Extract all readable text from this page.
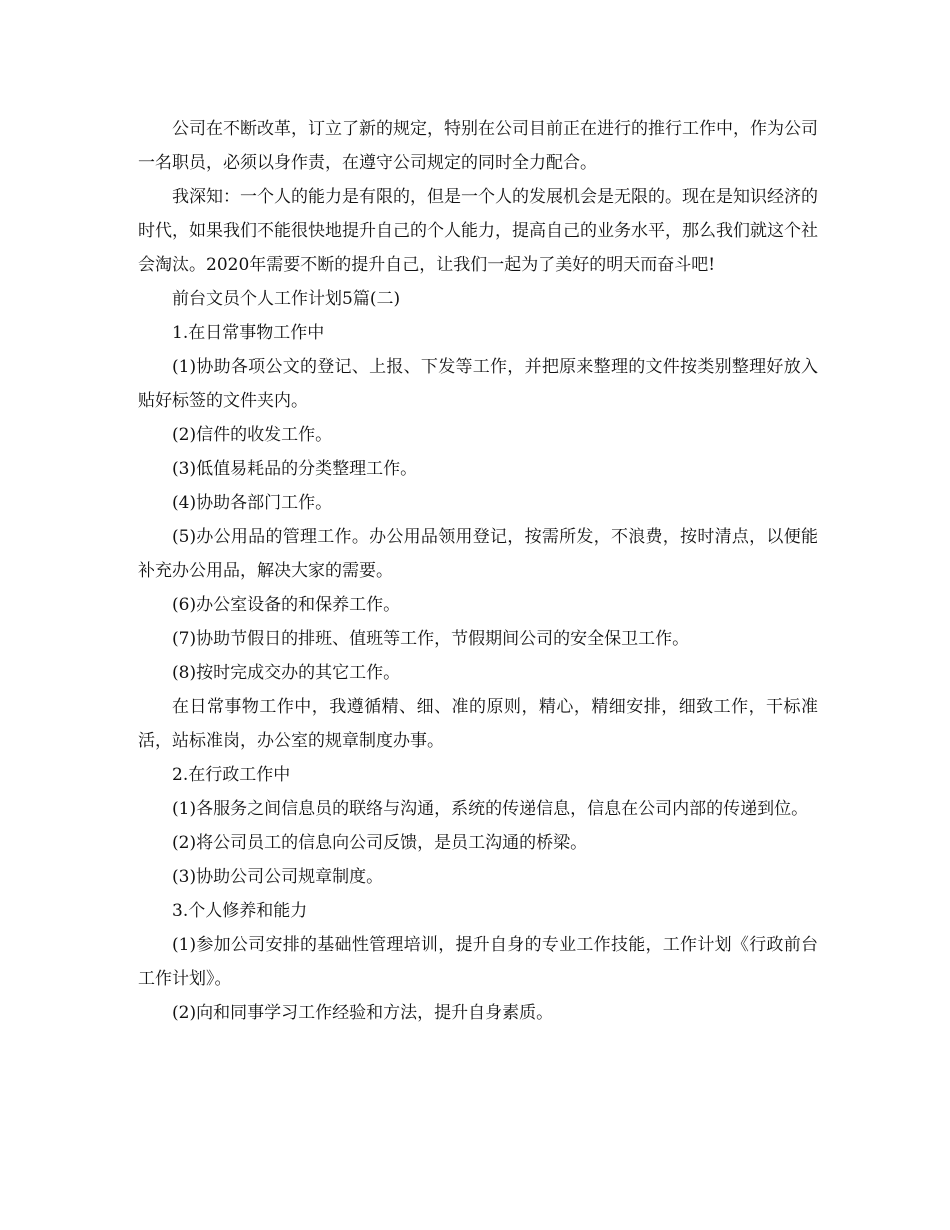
公司在不断改革，订立了新的规定，特别在公司目前正在进行的推行工作中，作为公司一名职员，必须以身作责，在遵守公司规定的同时全力配合。

我深知：一个人的能力是有限的，但是一个人的发展机会是无限的。现在是知识经济的时代，如果我们不能很快地提升自己的个人能力，提高自己的业务水平，那么我们就这个社会淘汰。2020年需要不断的提升自己，让我们一起为了美好的明天而奋斗吧!

前台文员个人工作计划5篇(二)

1.在日常事物工作中

(1)协助各项公文的登记、上报、下发等工作，并把原来整理的文件按类别整理好放入贴好标签的文件夹内。

(2)信件的收发工作。

(3)低值易耗品的分类整理工作。

(4)协助各部门工作。

(5)办公用品的管理工作。办公用品领用登记，按需所发，不浪费，按时清点，以便能补充办公用品，解决大家的需要。

(6)办公室设备的和保养工作。

(7)协助节假日的排班、值班等工作，节假期间公司的安全保卫工作。

(8)按时完成交办的其它工作。

在日常事物工作中，我遵循精、细、准的原则，精心，精细安排，细致工作，干标准活，站标准岗，办公室的规章制度办事。

2.在行政工作中

(1)各服务之间信息员的联络与沟通，系统的传递信息，信息在公司内部的传递到位。

(2)将公司员工的信息向公司反馈，是员工沟通的桥梁。

(3)协助公司公司规章制度。

3.个人修养和能力

(1)参加公司安排的基础性管理培训，提升自身的专业工作技能，工作计划《行政前台工作计划》。

(2)向和同事学习工作经验和方法，提升自身素质。
